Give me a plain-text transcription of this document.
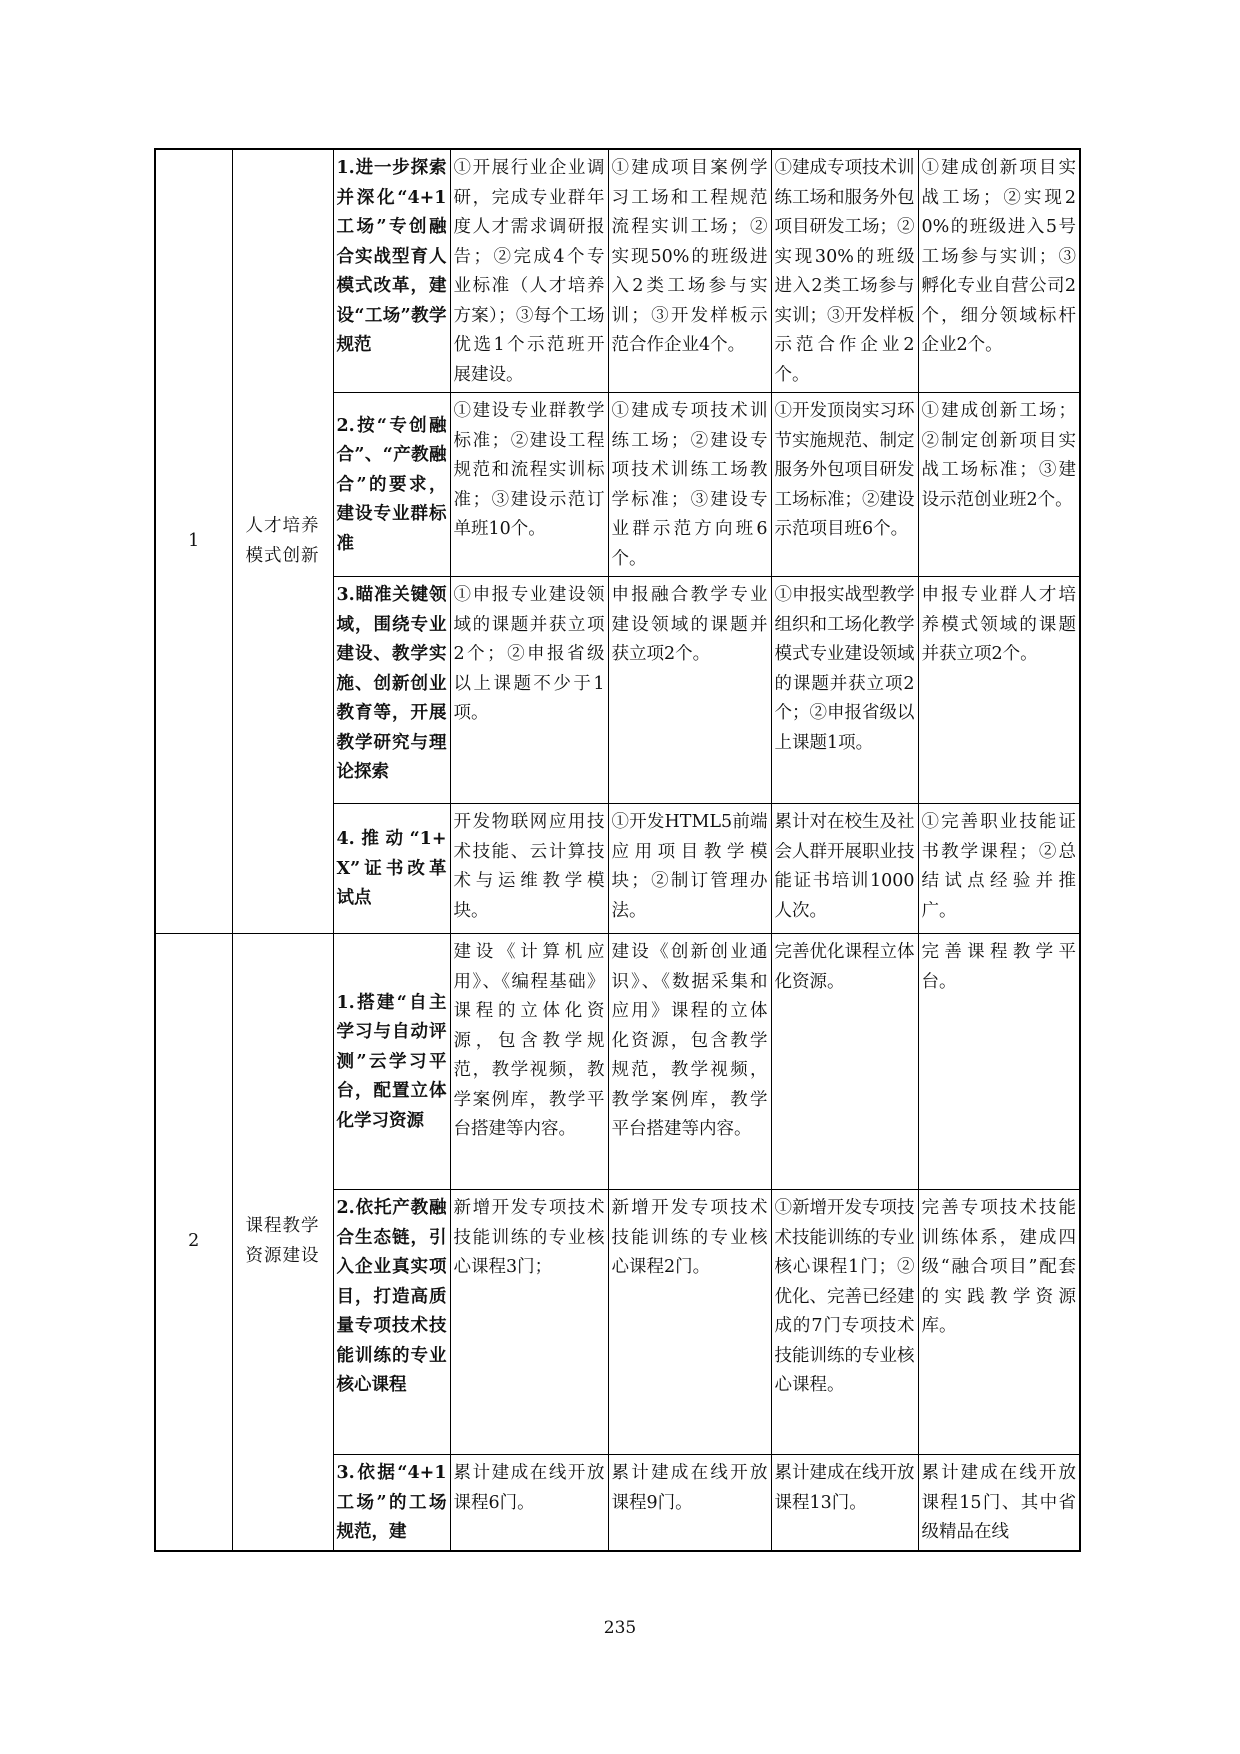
1	人才培养模式创新	1.进一步探索并深化“4+1工场”专创融合实战型育人模式改革，建设“工场”教学规范	①开展行业企业调研，完成专业群年度人才需求调研报告；②完成4个专业标准（人才培养方案）；③每个工场优选1个示范班开展建设。	①建成项目案例学习工场和工程规范流程实训工场；②实现50%的班级进入2类工场参与实训；③开发样板示范合作企业4个。	①建成专项技术训练工场和服务外包项目研发工场；②实现30%的班级进入2类工场参与实训；③开发样板示范合作企业2个。	①建成创新项目实战工场；②实现20%的班级进入5号工场参与实训；③孵化专业自营公司2个，细分领域标杆企业2个。
		2.按“专创融合”、“产教融合”的要求，建设专业群标准	①建设专业群教学标准；②建设工程规范和流程实训标准；③建设示范订单班10个。	①建成专项技术训练工场；②建设专项技术训练工场教学标准；③建设专业群示范方向班6个。	①开发顶岗实习环节实施规范、制定服务外包项目研发工场标准；②建设示范项目班6个。	①建成创新工场；②制定创新项目实战工场标准；③建设示范创业班2个。
		3.瞄准关键领域，围绕专业建设、教学实施、创新创业教育等，开展教学研究与理论探索	①申报专业建设领域的课题并获立项2个；②申报省级以上课题不少于1项。	申报融合教学专业建设领域的课题并获立项2个。	①申报实战型教学组织和工场化教学模式专业建设领域的课题并获立项2个；②申报省级以上课题1项。	申报专业群人才培养模式领域的课题并获立项2个。
		4.推动“1+X”证书改革试点	开发物联网应用技术技能、云计算技术与运维教学模块。	①开发HTML5前端应用项目教学模块；②制订管理办法。	累计对在校生及社会人群开展职业技能证书培训1000人次。	①完善职业技能证书教学课程；②总结试点经验并推广。
2	课程教学资源建设	1.搭建“自主学习与自动评测”云学习平台，配置立体化学习资源	建设《计算机应用》、《编程基础》课程的立体化资源，包含教学规范，教学视频，教学案例库，教学平台搭建等内容。	建设《创新创业通识》、《数据采集和应用》课程的立体化资源，包含教学规范，教学视频，教学案例库，教学平台搭建等内容。	完善优化课程立体化资源。	完善课程教学平台。
		2.依托产教融合生态链，引入企业真实项目，打造高质量专项技术技能训练的专业核心课程	新增开发专项技术技能训练的专业核心课程3门；	新增开发专项技术技能训练的专业核心课程2门。	①新增开发专项技术技能训练的专业核心课程1门；②优化、完善已经建成的7门专项技术技能训练的专业核心课程。	完善专项技术技能训练体系，建成四级“融合项目”配套的实践教学资源库。
		3.依据“4+1工场”的工场规范，建	累计建成在线开放课程6门。	累计建成在线开放课程9门。	累计建成在线开放课程13门。	累计建成在线开放课程15门、其中省级精品在线
235
